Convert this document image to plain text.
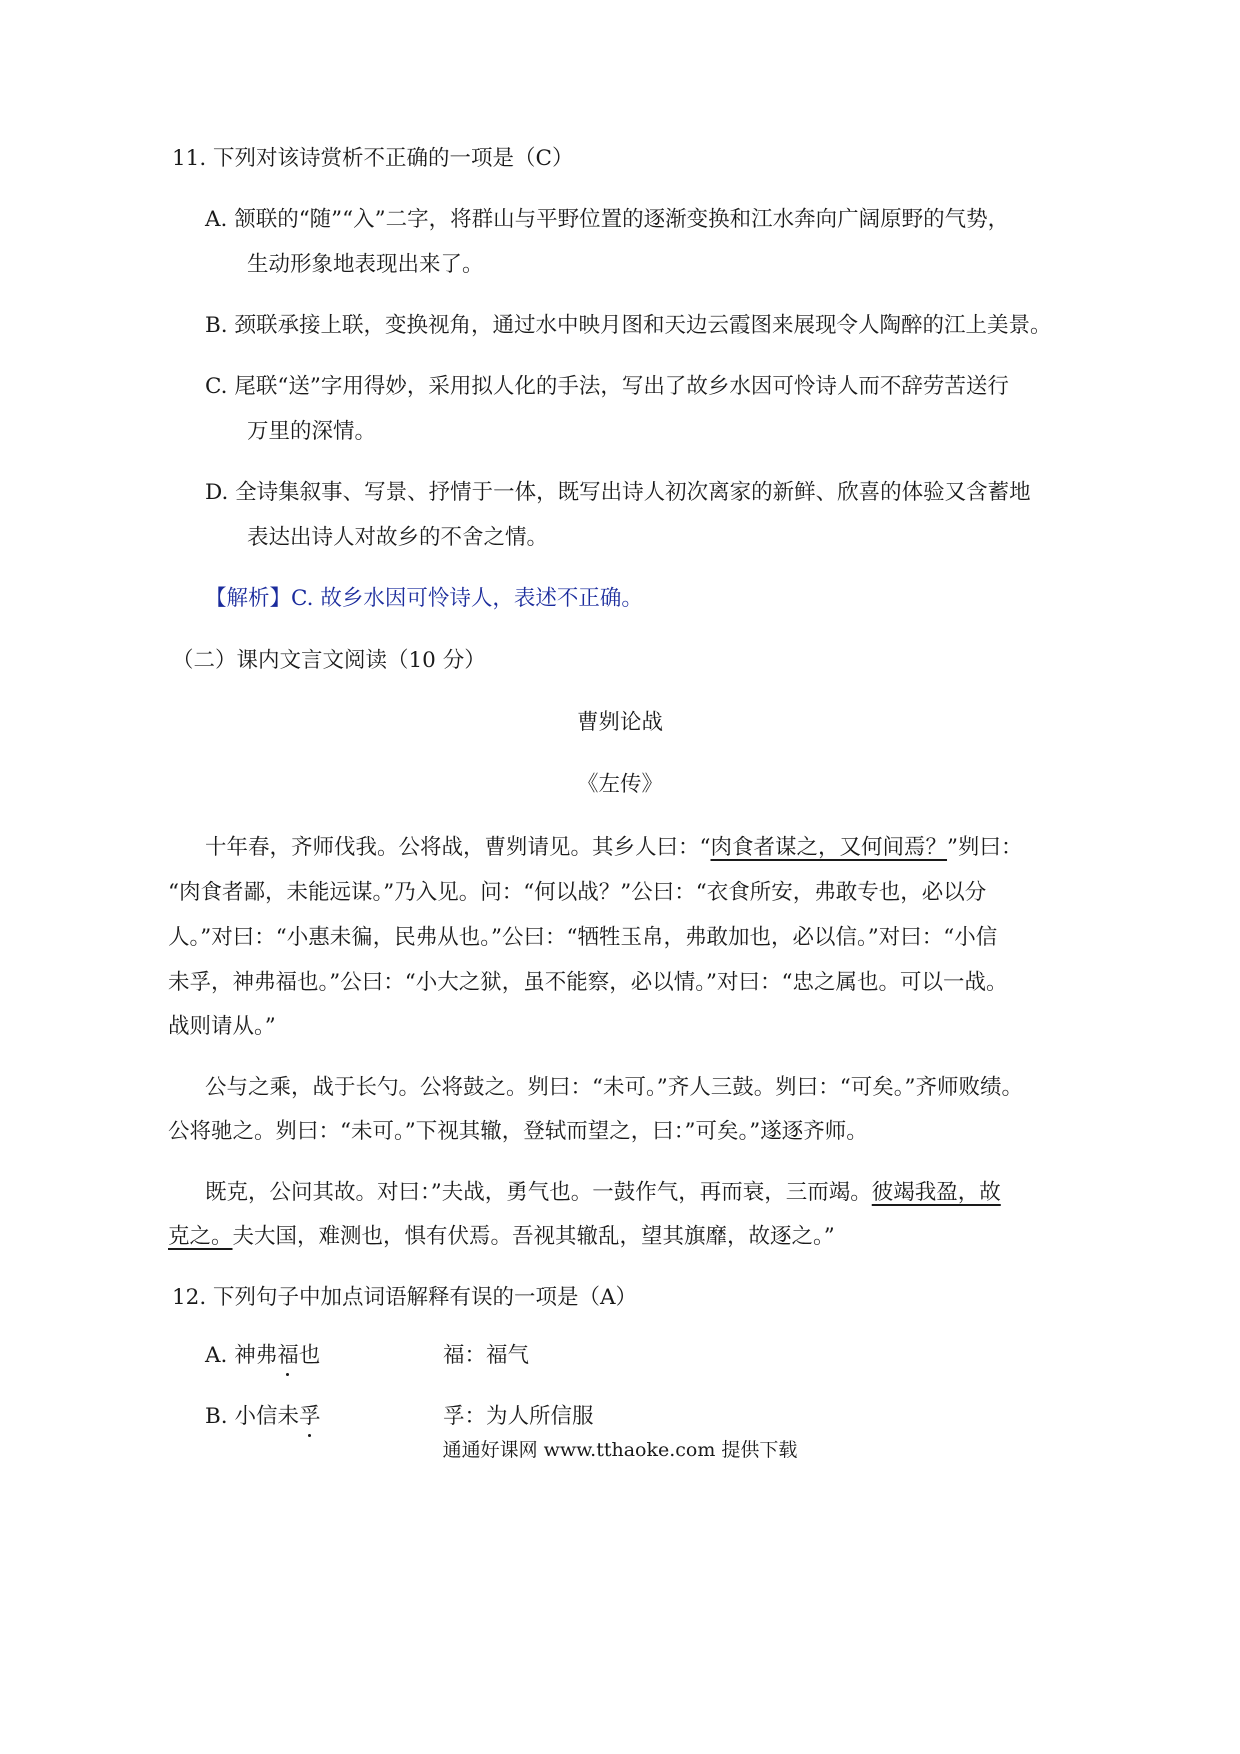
11. 下列对该诗赏析不正确的一项是（C）
A. 颔联的“随”“入”二字，将群山与平野位置的逐渐变换和江水奔向广阔原野的气势，
生动形象地表现出来了。
B. 颈联承接上联，变换视角，通过水中映月图和天边云霞图来展现令人陶醉的江上美景。
C. 尾联“送”字用得妙，采用拟人化的手法，写出了故乡水因可怜诗人而不辞劳苦送行
万里的深情。
D. 全诗集叙事、写景、抒情于一体，既写出诗人初次离家的新鲜、欣喜的体验又含蓄地
表达出诗人对故乡的不舍之情。
【解析】C. 故乡水因可怜诗人，表述不正确。
（二）课内文言文阅读（10 分）
曹刿论战
《左传》
十年春，齐师伐我。公将战，曹刿请见。其乡人曰：“肉食者谋之，又何间焉？”刿曰：
“肉食者鄙，未能远谋。”乃入见。问：“何以战？”公曰：“衣食所安，弗敢专也，必以分
人。”对曰：“小惠未徧，民弗从也。”公曰：“牺牲玉帛，弗敢加也，必以信。”对曰：“小信
未孚，神弗福也。”公曰：“小大之狱，虽不能察，必以情。”对曰：“忠之属也。可以一战。
战则请从。”
公与之乘，战于长勺。公将鼓之。刿曰：“未可。”齐人三鼓。刿曰：“可矣。”齐师败绩。
公将驰之。刿曰：“未可。”下视其辙，登轼而望之，曰：”可矣。”遂逐齐师。
既克，公问其故。对曰：”夫战，勇气也。一鼓作气，再而衰，三而竭。彼竭我盈，故
克之。夫大国，难测也，惧有伏焉。吾视其辙乱，望其旗靡，故逐之。”
12. 下列句子中加点词语解释有误的一项是（A）
A. 神弗福也	福：福气
B. 小信未孚	孚：为人所信服
通通好课网 www.tthaoke.com 提供下载
